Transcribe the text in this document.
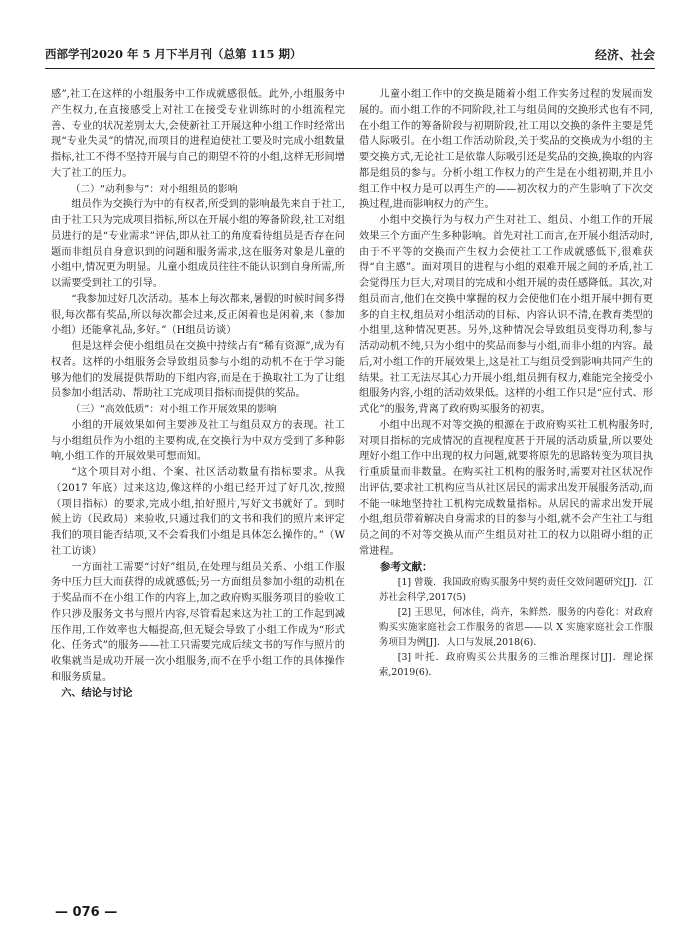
西部学刊2020 年 5 月下半月刊（总第 115 期）	经济、社会

感”,社工在这样的小组服务中工作成就感很低。此外,小组服务中产生权力,在直接感受上对社工在接受专业训练时的小组流程完善、专业的状况差别太大,会使新社工开展这种小组工作时经常出现“专业失灵”的情况,而项目的进程迫使社工要及时完成小组数量指标,社工不得不坚持开展与自己的期望不符的小组,这样无形间增大了社工的压力。

（二）“动利参与”：对小组组员的影响

组员作为交换行为中的有权者,所受到的影响最先来自于社工,由于社工只为完成项目指标,所以在开展小组的筹备阶段,社工对组员进行的是“专业需求”评估,即从社工的角度看待组员是否存在问题而非组员自身意识到的问题和服务需求,这在服务对象是儿童的小组中,情况更为明显。儿童小组成员往往不能认识到自身所需,所以需要受到社工的引导。

“我参加过好几次活动。基本上每次都来,暑假的时候时间多得很,每次都有奖品,所以每次都会过来,反正闲着也是闲着,来（参加小组）还能拿礼品,多好。”（H组员访谈）

但是这样会使小组组员在交换中持续占有“稀有资源”,成为有权者。这样的小组服务会导致组员参与小组的动机不在于学习能够为他们的发展提供帮助的下组内容,而是在于换取社工为了让组员参加小组活动、帮助社工完成项目指标而提供的奖品。

（三）“高效低质”：对小组工作开展效果的影响

小组的开展效果如何主要涉及社工与组员双方的表现。社工与小组组员作为小组的主要构成,在交换行为中双方受到了多种影响,小组工作的开展效果可想而知。

“这个项目对小组、个案、社区活动数量有指标要求。从我（2017 年底）过来这边,像这样的小组已经开过了好几次,按照（项目指标）的要求,完成小组,拍好照片,写好文书就好了。到时候上访（民政局）来验收,只通过我们的文书和我们的照片来评定我们的项目能否结项,又不会看我们小组是具体怎么操作的。”（W社工访谈）

一方面社工需要“讨好”组员,在处理与组员关系、小组工作服务中压力巨大而获得的成就感低;另一方面组员参加小组的动机在于奖品而不在小组工作的内容上,加之政府购买服务项目的验收工作只涉及服务文书与照片内容,尽管看起来这为社工的工作起到减压作用,工作效率也大幅提高,但无疑会导致了小组工作成为“形式化、任务式”的服务——社工只需要完成后续文书的写作与照片的收集就当是成功开展一次小组服务,而不在乎小组工作的具体操作和服务质量。

六、结论与讨论

儿童小组工作中的交换是随着小组工作实务过程的发展而发展的。而小组工作的不同阶段,社工与组员间的交换形式也有不同,在小组工作的筹备阶段与初期阶段,社工用以交换的条件主要是凭借人际吸引。在小组工作活动阶段,关于奖品的交换成为小组的主要交换方式,无论社工是依靠人际吸引还是奖品的交换,换取的内容都是组员的参与。分析小组工作权力的产生是在小组初期,并且小组工作中权力是可以再生产的——初次权力的产生影响了下次交换过程,进而影响权力的产生。

小组中交换行为与权力产生对社工、组员、小组工作的开展效果三个方面产生多种影响。首先对社工而言,在开展小组活动时,由于不平等的交换而产生权力会使社工工作成就感低下,很难获得“自主感”。面对项目的进程与小组的艰难开展之间的矛盾,社工会觉得压力巨大,对项目的完成和小组开展的责任感降低。其次,对组员而言,他们在交换中掌握的权力会使他们在小组开展中拥有更多的自主权,组员对小组活动的目标、内容认识不清,在教育类型的小组里,这种情况更甚。另外,这种情况会导致组员变得功利,参与活动动机不纯,只为小组中的奖品而参与小组,而非小组的内容。最后,对小组工作的开展效果上,这是社工与组员受到影响共同产生的结果。社工无法尽其心力开展小组,组员拥有权力,难能完全接受小组服务内容,小组的活动效果低。这样的小组工作只是“应付式、形式化”的服务,背离了政府购买服务的初衷。

小组中出现不对等交换的根源在于政府购买社工机构服务时,对项目指标的完成情况的直视程度甚于开展的活动质量,所以要处理好小组工作中出现的权力问题,就要将原先的思路转变为项目执行重质量而非数量。在购买社工机构的服务时,需要对社区状况作出评估,要求社工机构应当从社区居民的需求出发开展服务活动,而不能一味地坚持社工机构完成数量指标。从居民的需求出发开展小组,组员带着解决自身需求的目的参与小组,就不会产生社工与组员之间的不对等交换从而产生组员对社工的权力以阻碍小组的正常进程。

参考文献：

[1] 曾璇．我国政府购买服务中契约责任交效问题研究[J]．江苏社会科学,2017(5)

[2] 王思见，何冰佳，尚卉，朱鲜然．服务的内卷化：对政府购买实施家庭社会工作服务的省思——以 X 实施家庭社会工作服务项目为例[J]．人口与发展,2018(6)．

[3] 叶托．政府购买公共服务的三维治理探讨[J]．理论探索,2019(6)．

— 076 —
